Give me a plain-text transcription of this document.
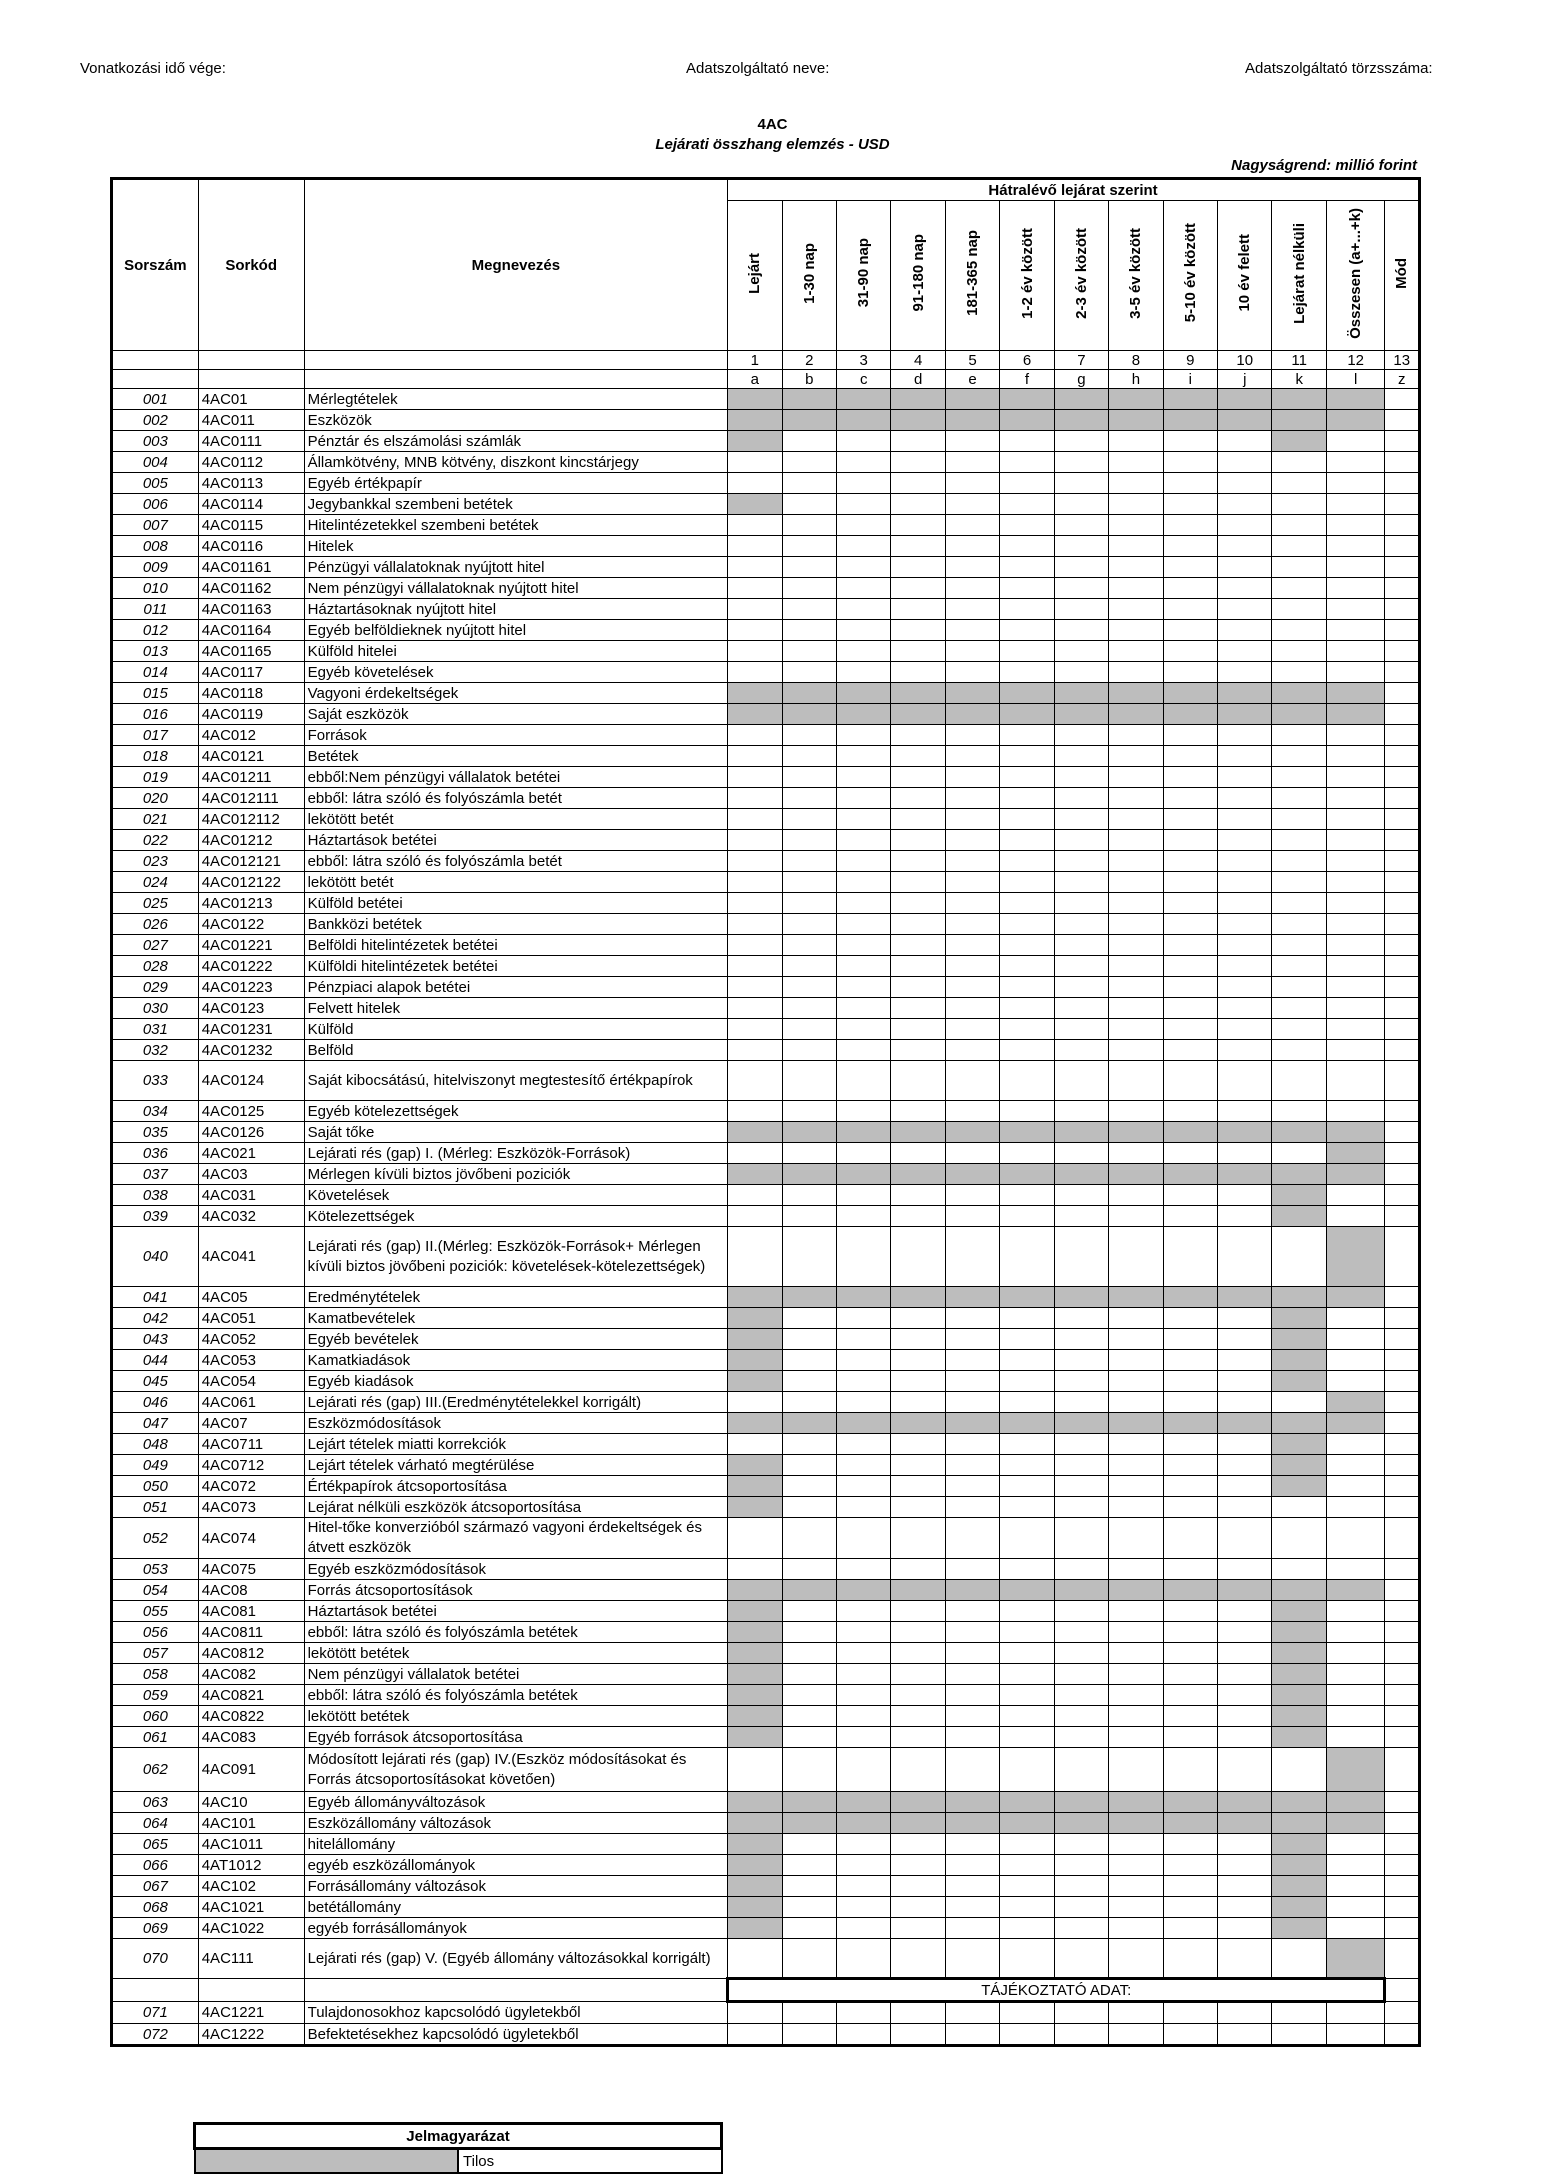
Vonatkozási idő vége:	Adatszolgáltató neve:	Adatszolgáltató törzsszáma:
4AC
Lejárati összhang elemzés - USD
Nagyságrend: millió forint
Sorszám	Sorkód	Megnevezés	Hátralévő lejárat szerint												
			Lejárt	1-30 nap	31-90 nap	91-180 nap	181-365 nap	1-2 év között	2-3 év között	3-5 év között	5-10 év között	10 év felett	Lejárat nélküli	Összesen (a+...+k)	Mód
			1	2	3	4	5	6	7	8	9	10	11	12	13
			a	b	c	d	e	f	g	h	i	j	k	l	z
001	4AC01	Mérlegtételek													
002	4AC011	Eszközök													
003	4AC0111	Pénztár és elszámolási számlák													
004	4AC0112	Államkötvény, MNB kötvény, diszkont kincstárjegy													
005	4AC0113	Egyéb értékpapír													
006	4AC0114	Jegybankkal szembeni betétek													
007	4AC0115	Hitelintézetekkel szembeni betétek													
008	4AC0116	Hitelek													
009	4AC01161	Pénzügyi vállalatoknak nyújtott hitel													
010	4AC01162	Nem pénzügyi vállalatoknak nyújtott hitel													
011	4AC01163	Háztartásoknak nyújtott hitel													
012	4AC01164	Egyéb belföldieknek nyújtott hitel													
013	4AC01165	Külföld hitelei													
014	4AC0117	Egyéb követelések													
015	4AC0118	Vagyoni érdekeltségek													
016	4AC0119	Saját eszközök													
017	4AC012	Források													
018	4AC0121	Betétek													
019	4AC01211	ebből:Nem pénzügyi vállalatok betétei													
020	4AC012111	ebből: látra szóló és folyószámla betét													
021	4AC012112	lekötött betét													
022	4AC01212	Háztartások betétei													
023	4AC012121	ebből: látra szóló és folyószámla betét													
024	4AC012122	lekötött betét													
025	4AC01213	Külföld betétei													
026	4AC0122	Bankközi betétek													
027	4AC01221	Belföldi hitelintézetek betétei													
028	4AC01222	Külföldi hitelintézetek betétei													
029	4AC01223	Pénzpiaci alapok betétei													
030	4AC0123	Felvett hitelek													
031	4AC01231	Külföld													
032	4AC01232	Belföld													
033	4AC0124	Saját kibocsátású, hitelviszonyt megtestesítő értékpapírok													
034	4AC0125	Egyéb kötelezettségek													
035	4AC0126	Saját tőke													
036	4AC021	Lejárati rés (gap) I. (Mérleg: Eszközök-Források)													
037	4AC03	Mérlegen kívüli biztos jövőbeni poziciók													
038	4AC031	Követelések													
039	4AC032	Kötelezettségek													
040	4AC041	Lejárati rés (gap) II.(Mérleg: Eszközök-Források+ Mérlegen kívüli biztos jövőbeni poziciók: követelések-kötelezettségek)													
041	4AC05	Eredménytételek													
042	4AC051	Kamatbevételek													
043	4AC052	Egyéb bevételek													
044	4AC053	Kamatkiadások													
045	4AC054	Egyéb kiadások													
046	4AC061	Lejárati rés (gap) III.(Eredménytételekkel korrigált)													
047	4AC07	Eszközmódosítások													
048	4AC0711	Lejárt tételek miatti korrekciók													
049	4AC0712	Lejárt tételek várható megtérülése													
050	4AC072	Értékpapírok átcsoportosítása													
051	4AC073	Lejárat nélküli eszközök átcsoportosítása													
052	4AC074	Hitel-tőke konverzióból származó vagyoni érdekeltségek és átvett eszközök													
053	4AC075	Egyéb eszközmódosítások													
054	4AC08	Forrás átcsoportosítások													
055	4AC081	Háztartások betétei													
056	4AC0811	ebből: látra szóló és folyószámla betétek													
057	4AC0812	lekötött betétek													
058	4AC082	Nem pénzügyi vállalatok betétei													
059	4AC0821	ebből: látra szóló és folyószámla betétek													
060	4AC0822	lekötött betétek													
061	4AC083	Egyéb források átcsoportosítása													
062	4AC091	Módosított lejárati rés (gap) IV.(Eszköz módosításokat és Forrás átcsoportosításokat követően)													
063	4AC10	Egyéb állományváltozások													
064	4AC101	Eszközállomány változások													
065	4AC1011	hitelállomány													
066	4AT1012	egyéb eszközállományok													
067	4AC102	Forrásállomány változások													
068	4AC1021	betétállomány													
069	4AC1022	egyéb forrásállományok													
070	4AC111	Lejárati rés (gap) V. (Egyéb állomány változásokkal korrigált)													
			TÁJÉKOZTATÓ ADAT:												
071	4AC1221	Tulajdonosokhoz kapcsolódó ügyletekből													
072	4AC1222	Befektetésekhez kapcsolódó ügyletekből													
Jelmagyarázat
	Tilos
